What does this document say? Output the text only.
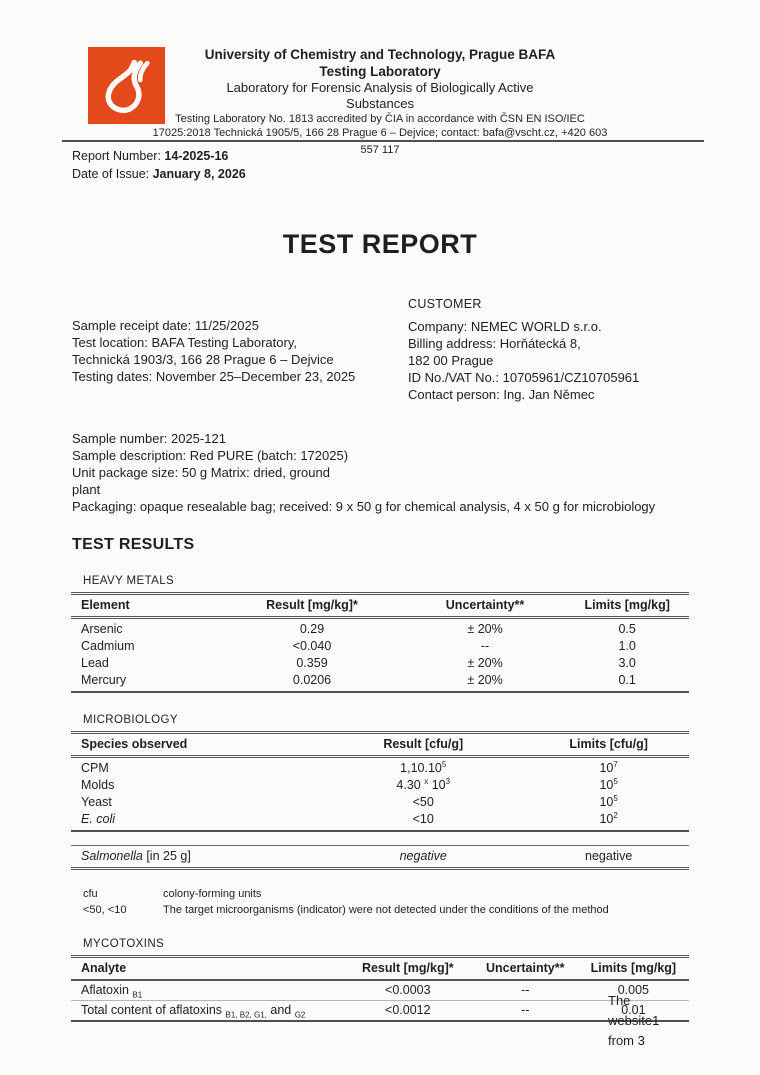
University of Chemistry and Technology, Prague BAFA
Testing Laboratory
Laboratory for Forensic Analysis of Biologically Active
Substances
Testing Laboratory No. 1813 accredited by ČIA in accordance with ČSN EN ISO/IEC
17025:2018 Technická 1905/5, 166 28 Prague 6 – Dejvice; contact: bafa@vscht.cz, +420 603
557 117
Report Number: 14-2025-16
Date of Issue: January 8, 2026
TEST REPORT
Sample receipt date: 11/25/2025
Test location: BAFA Testing Laboratory,
Technická 1903/3, 166 28 Prague 6 – Dejvice
Testing dates: November 25–December 23, 2025
CUSTOMER
Company: NEMEC WORLD s.r.o.
Billing address: Horňátecká 8,
182 00 Prague
ID No./VAT No.: 10705961/CZ10705961
Contact person: Ing. Jan Němec
Sample number: 2025-121
Sample description: Red PURE (batch: 172025)
Unit package size: 50 g Matrix: dried, ground
plant
Packaging: opaque resealable bag; received: 9 x 50 g for chemical analysis, 4 x 50 g for microbiology
TEST RESULTS
HEAVY METALS
Element	Result [mg/kg]*	Uncertainty**	Limits [mg/kg]
Arsenic	0.29	± 20%	0.5
Cadmium	<0.040	--	1.0
Lead	0.359	± 20%	3.0
Mercury	0.0206	± 20%	0.1
MICROBIOLOGY
Species observed	Result [cfu/g]	Limits [cfu/g]
CPM	1,10.10$^5$	$10^7$
Molds	4.30 $^x$ $10^3$	$10^5$
Yeast	<50	$10^5$
E. coli	<10	$10^2$
Salmonella [in 25 g]	negative	negative
cfu	colony-forming units
<50, <10	The target microorganisms (indicator) were not detected under the conditions of the method
MYCOTOXINS
Analyte	Result [mg/kg]*	Uncertainty**	Limits [mg/kg]
Aflatoxin $_{B1}$	<0.0003	--	0.005
Total content of aflatoxins $_{B1, B2, G1,}$ and $_{G2}$	<0.0012	--	0.01
The
website1
from 3
